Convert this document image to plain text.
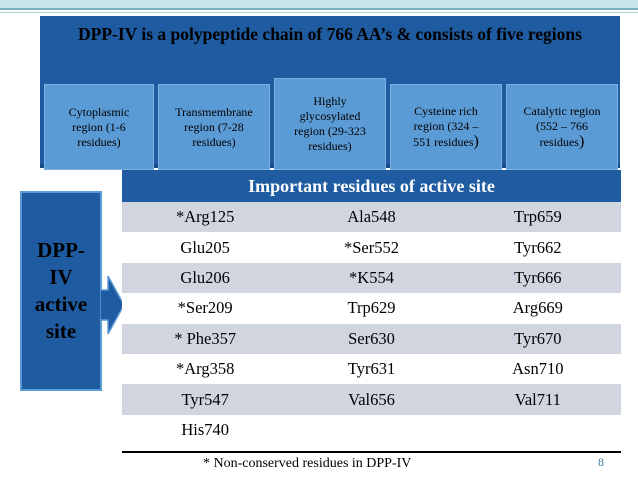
DPP-IV is a polypeptide chain of 766 AA’s & consists of five regions
Cytoplasmic
region (1-6
residues)
Transmembrane
region (7-28
residues)
Highly
glycosylated
region (29-323
residues)
Cysteine rich
region (324 –
551 residues)
Catalytic region
(552 – 766
residues)
DPP-
IV
active
site
Important residues of active site
*Arg125	Ala548	Trp659
Glu205	*Ser552	Tyr662
Glu206	*K554	Tyr666
*Ser209	Trp629	Arg669
* Phe357	Ser630	Tyr670
*Arg358	Tyr631	Asn710
Tyr547	Val656	Val711
His740
* Non-conserved residues in DPP-IV	8
